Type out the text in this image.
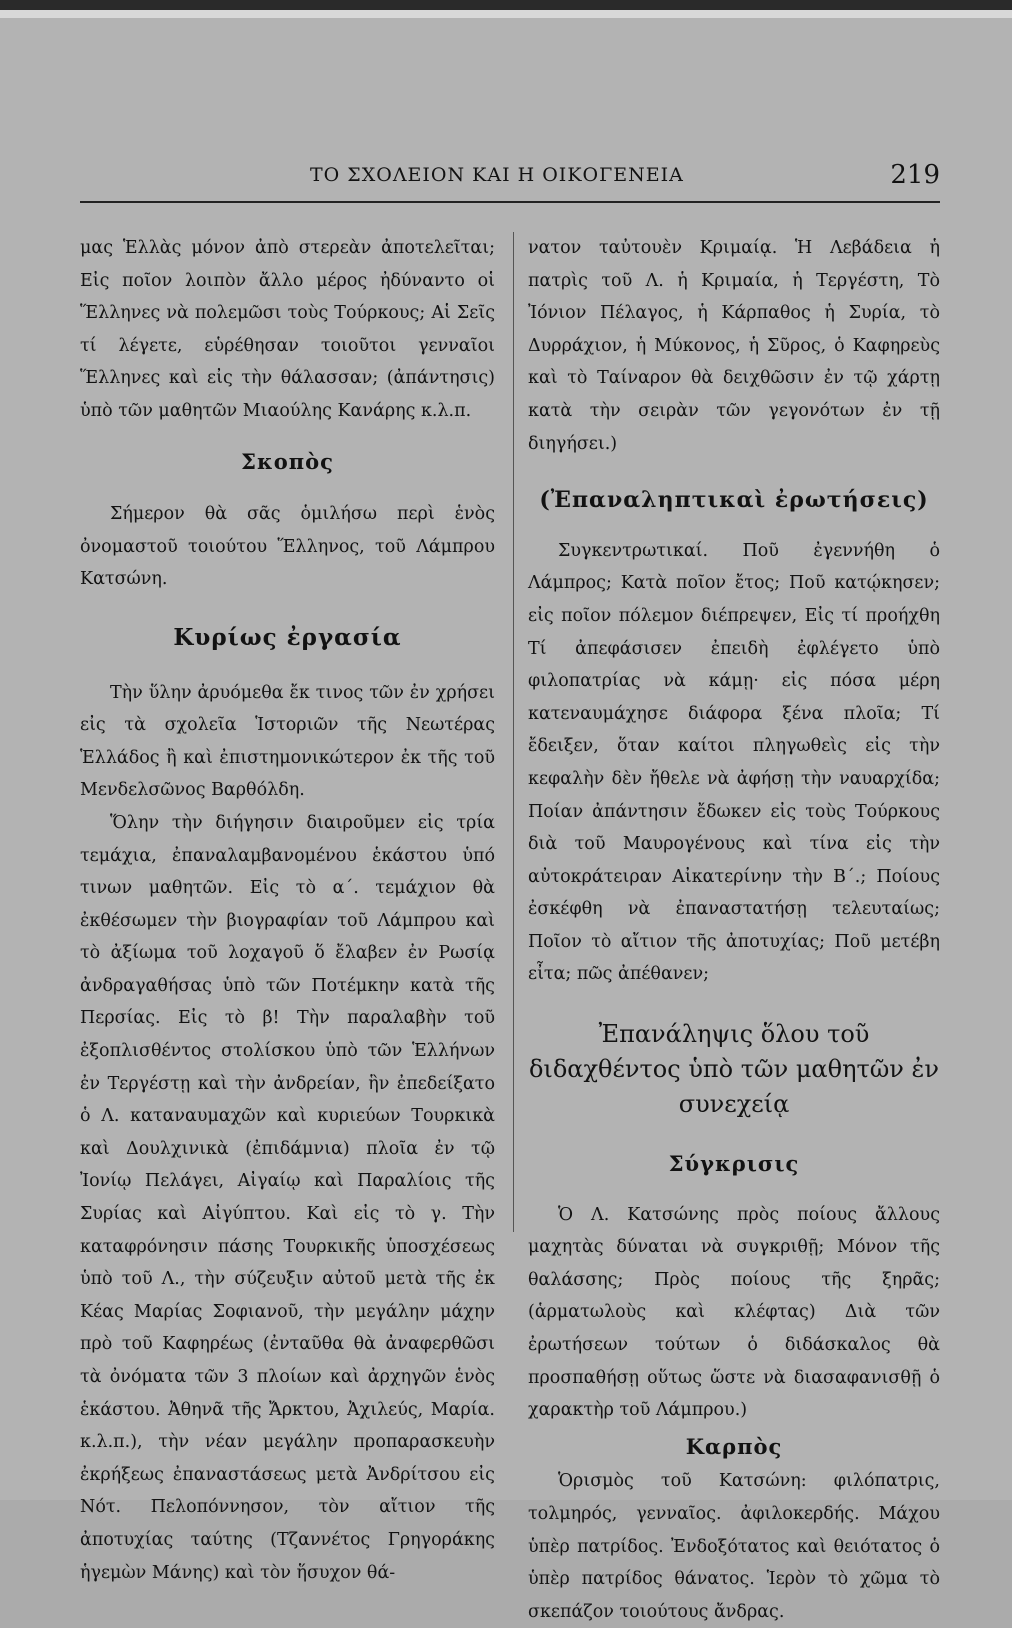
ΤΟ ΣΧΟΛΕΙΟΝ ΚΑΙ Η ΟΙΚΟΓΕΝΕΙΑ	219

μας Ἑλλὰς μόνον ἀπὸ στερεὰν ἀποτελεῖται; Εἰς ποῖον λοιπὸν ἄλλο μέρος ἠδύναντο οἱ Ἕλληνες νὰ πολεμῶσι τοὺς Τούρκους; Αἱ Σεῖς τί λέγετε, εὑρέθησαν τοιοῦτοι γενναῖοι Ἕλληνες καὶ εἰς τὴν θάλασσαν; (ἀπάντησις) ὑπὸ τῶν μαθητῶν Μιαούλης Κανάρης κ.λ.π.

Σκοπὸς

Σήμερον θὰ σᾶς ὁμιλήσω περὶ ἑνὸς ὀνομαστοῦ τοιούτου Ἕλληνος, τοῦ Λάμπρου Κατσώνη.

Κυρίως ἐργασία

Τὴν ὕλην ἀρυόμεθα ἔκ τινος τῶν ἐν χρήσει εἰς τὰ σχολεῖα Ἱστοριῶν τῆς Νεωτέρας Ἑλλάδος ἢ καὶ ἐπιστημονικώτερον ἐκ τῆς τοῦ Μενδελσῶνος Βαρθόλδη.

Ὅλην τὴν διήγησιν διαιροῦμεν εἰς τρία τεμάχια, ἐπαναλαμβανομένου ἑκάστου ὑπό τινων μαθητῶν. Εἰς τὸ α΄. τεμάχιον θὰ ἐκθέσωμεν τὴν βιογραφίαν τοῦ Λάμπρου καὶ τὸ ἀξίωμα τοῦ λοχαγοῦ ὅ ἔλαβεν ἐν Ρωσίᾳ ἀνδραγαθήσας ὑπὸ τῶν Ποτέμκην κατὰ τῆς Περσίας. Εἰς τὸ β! Τὴν παραλαβὴν τοῦ ἐξοπλισθέντος στολίσκου ὑπὸ τῶν Ἑλλήνων ἐν Τεργέστῃ καὶ τὴν ἀνδρείαν, ἣν ἐπεδείξατο ὁ Λ. καταναυμαχῶν καὶ κυριεύων Τουρκικὰ καὶ Δουλχινικὰ (ἐπιδάμνια) πλοῖα ἐν τῷ Ἰονίῳ Πελάγει, Αἰγαίῳ καὶ Παραλίοις τῆς Συρίας καὶ Αἰγύπτου. Καὶ εἰς τὸ γ. Τὴν καταφρόνησιν πάσης Τουρκικῆς ὑποσχέσεως ὑπὸ τοῦ Λ., τὴν σύζευξιν αὐτοῦ μετὰ τῆς ἐκ Κέας Μαρίας Σοφιανοῦ, τὴν μεγάλην μάχην πρὸ τοῦ Καφηρέως (ἐνταῦθα θὰ ἀναφερθῶσι τὰ ὀνόματα τῶν 3 πλοίων καὶ ἀρχηγῶν ἑνὸς ἑκάστου. Ἀθηνᾶ τῆς Ἄρκτου, Ἀχιλεύς, Μαρία. κ.λ.π.), τὴν νέαν μεγάλην προπαρασκευὴν ἐκρήξεως ἐπαναστάσεως μετὰ Ἀνδρίτσου εἰς Νότ. Πελοπόννησον, τὸν αἴτιον τῆς ἀποτυχίας ταύτης (Τζαννέτος Γρηγοράκης ἡγεμὼν Μάνης) καὶ τὸν ἥσυχον θά-

νατον ταὐτουὲν Κριμαίᾳ. Ἡ Λεβάδεια ἡ πατρὶς τοῦ Λ. ἡ Κριμαία, ἡ Τεργέστη, Τὸ Ἰόνιον Πέλαγος, ἡ Κάρπαθος ἡ Συρία, τὸ Δυρράχιον, ἡ Μύκονος, ἡ Σῦρος, ὁ Καφηρεὺς καὶ τὸ Ταίναρον θὰ δειχθῶσιν ἐν τῷ χάρτῃ κατὰ τὴν σειρὰν τῶν γεγονότων ἐν τῇ διηγήσει.)

(Ἐπαναληπτικαὶ ἐρωτήσεις)

Συγκεντρωτικαί. Ποῦ ἐγεννήθη ὁ Λάμπρος; Κατὰ ποῖον ἔτος; Ποῦ κατῴκησεν; εἰς ποῖον πόλεμον διέπρεψεν, Εἰς τί προήχθη Τί ἀπεφάσισεν ἐπειδὴ ἐφλέγετο ὑπὸ φιλοπατρίας νὰ κάμῃ· εἰς πόσα μέρη κατεναυμάχησε διάφορα ξένα πλοῖα; Τί ἔδειξεν, ὅταν καίτοι πληγωθεὶς εἰς τὴν κεφαλὴν δὲν ἤθελε νὰ ἀφήσῃ τὴν ναυαρχίδα; Ποίαν ἀπάντησιν ἔδωκεν εἰς τοὺς Τούρκους διὰ τοῦ Μαυρογένους καὶ τίνα εἰς τὴν αὐτοκράτειραν Αἰκατερίνην τὴν Β΄.; Ποίους ἐσκέφθη νὰ ἐπαναστατήσῃ τελευταίως; Ποῖον τὸ αἴτιον τῆς ἀποτυχίας; Ποῦ μετέβη εἶτα; πῶς ἀπέθανεν;

Ἐπανάληψις ὅλου τοῦ διδαχθέντος ὑπὸ τῶν μαθητῶν ἐν συνεχείᾳ
Σύγκρισις

Ὁ Λ. Κατσώνης πρὸς ποίους ἄλλους μαχητὰς δύναται νὰ συγκριθῇ; Μόνον τῆς θαλάσσης; Πρὸς ποίους τῆς ξηρᾶς; (ἁρματωλοὺς καὶ κλέφτας) Διὰ τῶν ἐρωτήσεων τούτων ὁ διδάσκαλος θὰ προσπαθήσῃ οὕτως ὥστε νὰ διασαφανισθῇ ὁ χαρακτὴρ τοῦ Λάμπρου.)

Καρπὸς

Ὁρισμὸς τοῦ Κατσώνη: φιλόπατρις, τολμηρός, γενναῖος. ἀφιλοκερδής. Μάχου ὑπὲρ πατρίδος. Ἐνδοξότατος καὶ θειότατος ὁ ὑπὲρ πατρίδος θάνατος. Ἱερὸν τὸ χῶμα τὸ σκεπάζον τοιούτους ἄνδρας.
